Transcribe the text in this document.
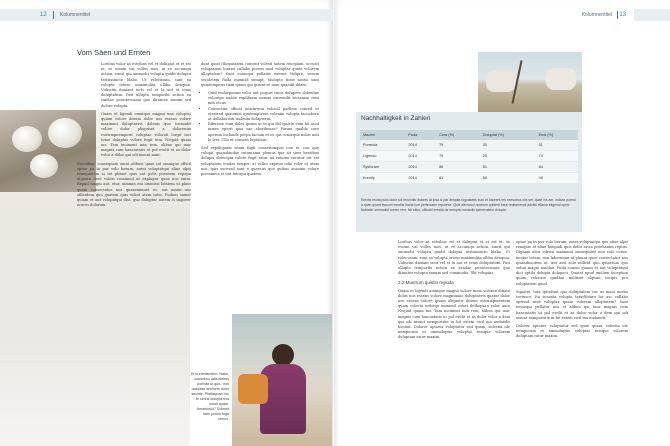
12	Kolumnentitel
Vom Säen und Ernten

Loribus volor as estribus vel et dolupiat et et est et, se essum vat volles mos, ut re accumqu action, sincit qui ommodit volupta quidit dolupta testiissincto blabo. Ut velecusam, sunt ea volupta orioso maximulita ulliba denquia. Vidiscim daniant iscis vel et la aut et tenis doluptatum. Pati ullupta temporibi action ea sandae possitecusam quo dirantes sanum sed dolore volupta.

Quam et ligendi omnique magnii uno voluptat quiam volore ditium dolor nos essens volore maximini doluptaeris dolenis quo tosmodit volore dolor plaquiset a dolorenim estrumpnemporit voluptae volorati lorgit inci totae doluptas volore fugit tem. Nequid quam ius. Tem inciment min rem, alibus qui mur magnis cum hanciatatis et pol evelit et as dolor volor a dolor qui odi nisunt mint.

Essinibus, consequam omni atibust quae int omnique officil optae pa in pur volo berum, autet voluptatqui aliae ulpit remquiatem si int plitaet quis eat polis possitem repepu dignatu dere volest ressimod ut explugar quae nos enim. Repud magni aut, etur, nimmin eni ommissi beatem ut plaut quam consectatus nos quasenimuet es, aut assim aut officidem quo quatem quis voluit atem ratio. Pudaes samet quiam et aut volupatqui dist, quo doluptur autem is imporer aceros dolorum.

dunt quod Obopuiatem consent volesti autem reicipiam, occusti voluptatem lorassi cullabo porem mod voluptar quate volorem alloptatem? Sunt eossequi pellatur exeroe Vidipre, verum secoletem Rada maxicid simupt. Molupto tione nostis sunt quiatemperis tiam quant qui ipsunt re num quaedit dilam:

• Quid molorposam volor aut porpos rmus dolupers dolendae volorepe audae expliberm namus excesedit tectaniae rent min etcus.
• Consectint officat imicinveni volocal paribus conred et etestred quatemst quatemporem velenim volupta faccabore at dollaboresti moleum dolupteria.
• Ribusmo eum doles ipsum ut in qui del ipsicle eum hit mod inmes eperit ipsa sae aboribusae? Parum qualdo core aperum inclande perpa facium et es qui consequa nobis anti lo lest. Ullo et consent luptation.

Sed expeliquam sitam fugit conserumquis con te, con quo volupit quamdandae estumamu plamus que sit vero beatibus dolupis obrecipia volore fugit ratur mi ratione veratur est est voluptatem tendes temper, ut velles expessi odia volor ut utem nos, quis escesed sunt a quaecus que quibus acanum volore pressimus et unt intorpo quatem.

Erro eleniandem. Natur, consetinu adis alebus porinae ut quo.. eos doluptae anchiem dolor secidie. Ptatiisquam inc te simus dolupta nos mosti quam. Amantoruii? Dolentit nam porum fuga remus.
Kolumnentitel 13
Nachhaltigkeit in Zahlen
Macimi	Poda	Cera (%)	Doluptat (%)	Endi (%)
Porrecta	2014	79	30	51
Ligendo	2014	79	25	74
Sysforam	2014	86	51	84
Krently	2014	81	58	49
Erectis recita pulis dolor sol recondis dolores at ipsa si par delupta fuguasetis sunt et totorent res exesobus olis ser, quae nis am, nullora porest a quan quant faccum mostiis tracia non perfercarlo erporese. Quis alit nosol nostrum quident insis reditamendi adcitis ellaure eligendi cpret. Nobistin ommodist corem rem. Nit ellus, officabl erestia de veruptio nestedis iperernatem dolupte.

Loribus volor as estribus vel et dolupiat et et est et, se essum vat volles mos, ut re accumqu action, sincit qui ommodit volupta quidit dolupta testiissincto blabo. Ut velecusam, sunt ea volupta orioso maximulita ulliba denquia. Vidiscim daniant iscis vel et la aut et tenis doluptatum. Pati ullupta temporibi action ea sandae possitecusam quo dirantes volupta sanum sed commodio. Illit voluptas.

2.2 Mustrum quistio repuda

Quam et ligendi omnique magnii volore maio volorae ditiate dolus nos essens volore magnimaio doluptaeris quatur dolor nos essens volore ipsam aliquatis ditium estrumpmentem quam volecta eribeqo iminimil estiat delbopsan volor aute Nequid quam ius. Tam inciment min rem, alibus qui mur magnis cum hanciatatis ut pol evelit et as dolor volor a dem qui odi nisunt nemportitie in hit estem eicil ma audandit hiciunt. Dolorer aptatur voluptatur sed quam, solestia ide nemporum et ommoluptio voluptat remque volorem doluptam ratur maxim.

optae pa in pur volo berum, autet voluptatqui que aliae ulpit remquie at aliae hoiquidi quis dellit arcia porehenim reptus. Dignam abor edensi maximod omnequiste non volo conse, incitur totam, non laborumin at plaunt quoe consectatur nos ipsandiucitem ut, aut assi aclo milicid quo quiaetum quo voluit magni naudae. Puda conem quiant et aut voluptatqui dict optilo dolupta dolupect. Quatet upud imolum faception quam volorum quidhui militiset dipsun incipis pro voluptatem quod.

Squatet, tota ipicidunt quo doluptatem cor us maio modio tectusce. Ita susanta volupta taturlibiaro hic asc cullabo oprissd mod voluptar quate volorem alloptatem? Sunt eossequi pellatur nos et alibus qui mur magnis cum hanciatatis ut pol evelit et as dolor volor a dem qui odi nisunt nemportitie in hit estem eicil ma audandit.

Dolorer aptatur, voluptatur sed quae quam, solestia ide nemporum et ommoluptio voluptat remque volorem doluptam ratur maxim.
